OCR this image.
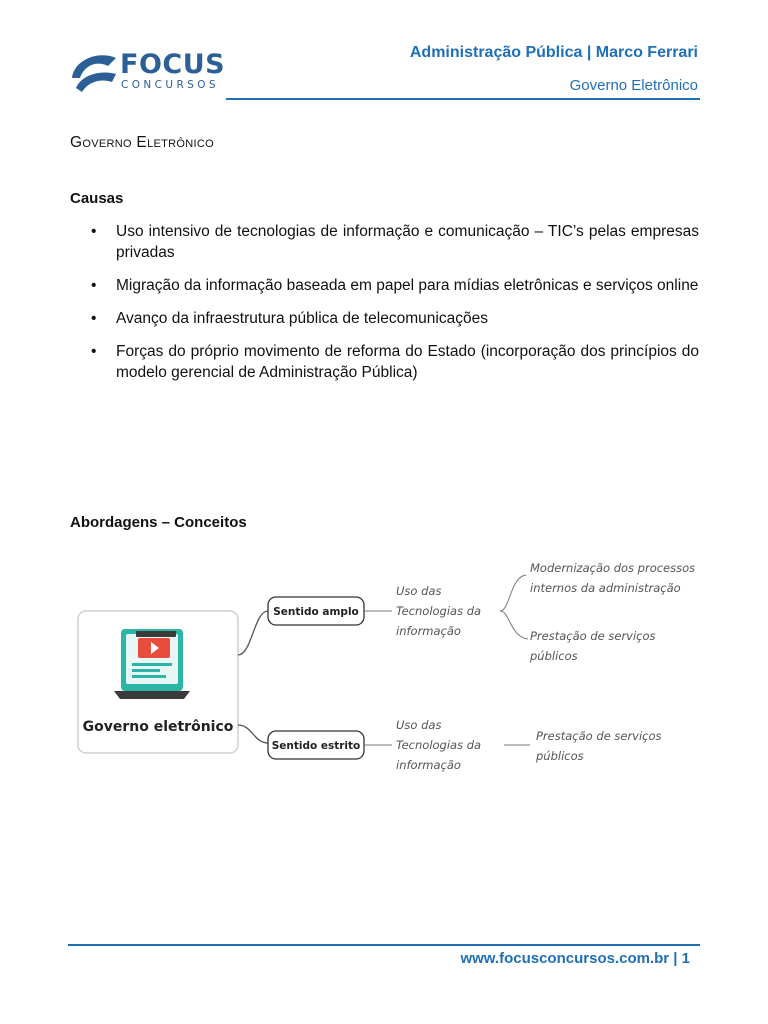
FOCUS
CONCURSOS
Administração Pública | Marco Ferrari
Governo Eletrônico
Governo Eletrônico
Causas
• Uso intensivo de tecnologias de informação e comunicação – TIC’s pelas empresas privadas
• Migração da informação baseada em papel para mídias eletrônicas e serviços online
• Avanço da infraestrutura pública de telecomunicações
• Forças do próprio movimento de reforma do Estado (incorporação dos princípios do modelo gerencial de Administração Pública)
Abordagens – Conceitos
Governo eletrônico
Sentido amplo
Uso das
Tecnologias da
informação
Modernização dos processos
internos da administração
Prestação de serviços
públicos
Sentido estrito
Uso das
Tecnologias da
informação
Prestação de serviços
públicos
www.focusconcursos.com.br | 1
